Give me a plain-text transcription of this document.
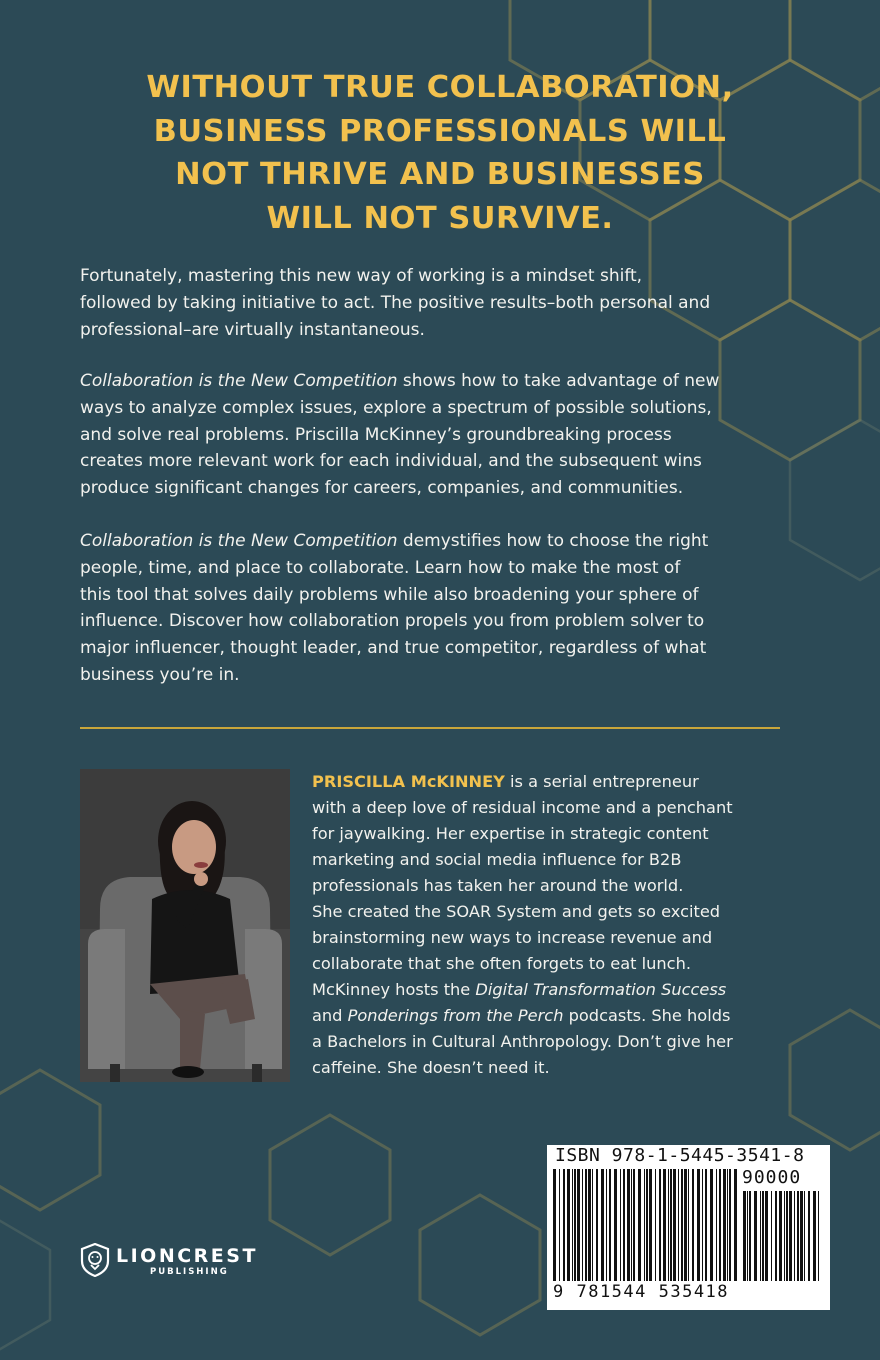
WITHOUT TRUE COLLABORATION,
BUSINESS PROFESSIONALS WILL
NOT THRIVE AND BUSINESSES
WILL NOT SURVIVE.
Fortunately, mastering this new way of working is a mindset shift,
followed by taking initiative to act. The positive results–both personal and
professional–are virtually instantaneous.
Collaboration is the New Competition shows how to take advantage of new
ways to analyze complex issues, explore a spectrum of possible solutions,
and solve real problems. Priscilla McKinney’s groundbreaking process
creates more relevant work for each individual, and the subsequent wins
produce significant changes for careers, companies, and communities.
Collaboration is the New Competition demystifies how to choose the right
people, time, and place to collaborate. Learn how to make the most of
this tool that solves daily problems while also broadening your sphere of
influence. Discover how collaboration propels you from problem solver to
major influencer, thought leader, and true competitor, regardless of what
business you’re in.
PRISCILLA McKINNEY is a serial entrepreneur
with a deep love of residual income and a penchant
for jaywalking. Her expertise in strategic content
marketing and social media influence for B2B
professionals has taken her around the world.
She created the SOAR System and gets so excited
brainstorming new ways to increase revenue and
collaborate that she often forgets to eat lunch.
McKinney hosts the Digital Transformation Success
and Ponderings from the Perch podcasts. She holds
a Bachelors in Cultural Anthropology. Don’t give her
caffeine. She doesn’t need it.
LIONCREST
PUBLISHING
ISBN 978-1-5445-3541-8
90000
9 781544 535418
